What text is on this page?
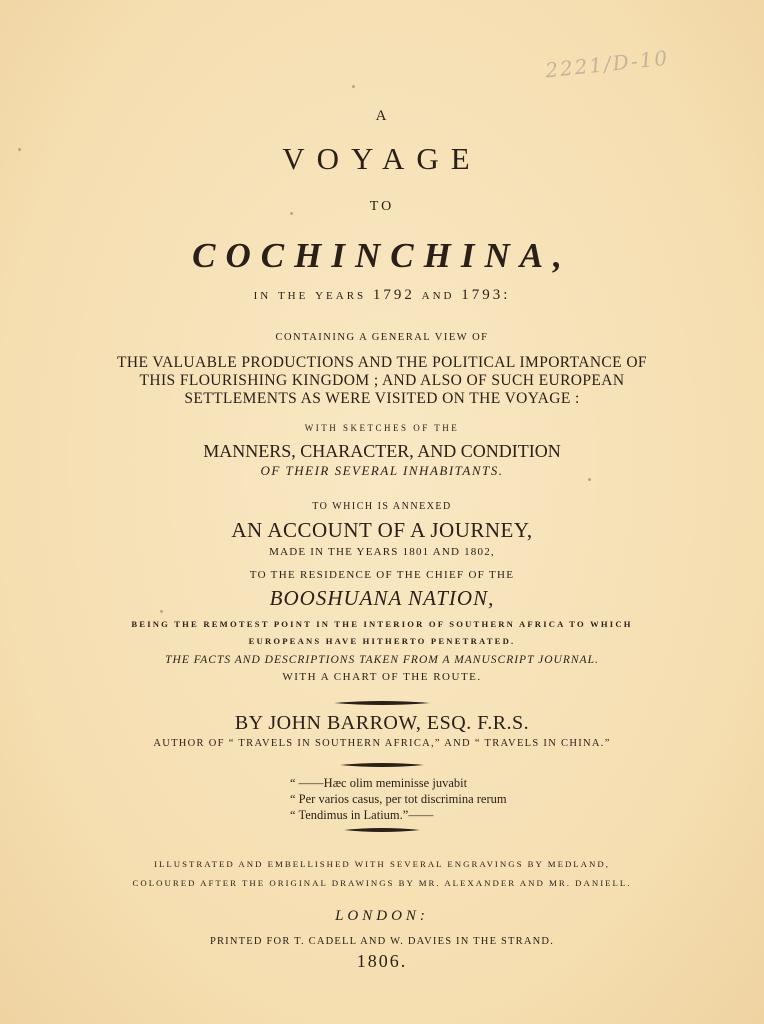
2221/D-10
A
VOYAGE
TO
COCHINCHINA,
in the years 1792 and 1793:
CONTAINING A GENERAL VIEW OF
THE VALUABLE PRODUCTIONS AND THE POLITICAL IMPORTANCE OF
THIS FLOURISHING KINGDOM ; AND ALSO OF SUCH EUROPEAN
SETTLEMENTS AS WERE VISITED ON THE VOYAGE :
WITH SKETCHES OF THE
MANNERS, CHARACTER, AND CONDITION
OF THEIR SEVERAL INHABITANTS.
TO WHICH IS ANNEXED
AN ACCOUNT OF A JOURNEY,
MADE IN THE YEARS 1801 AND 1802,
TO THE RESIDENCE OF THE CHIEF OF THE
BOOSHUANA NATION,
BEING THE REMOTEST POINT IN THE INTERIOR OF SOUTHERN AFRICA TO WHICH
EUROPEANS HAVE HITHERTO PENETRATED.
THE FACTS AND DESCRIPTIONS TAKEN FROM A MANUSCRIPT JOURNAL.
WITH A CHART OF THE ROUTE.
BY JOHN BARROW, ESQ. F.R.S.
AUTHOR OF “ TRAVELS IN SOUTHERN AFRICA,” AND “ TRAVELS IN CHINA.”
“ ——Hæc olim meminisse juvabit
“ Per varios casus, per tot discrimina rerum
“ Tendimus in Latium.”——
ILLUSTRATED AND EMBELLISHED WITH SEVERAL ENGRAVINGS BY MEDLAND,
COLOURED AFTER THE ORIGINAL DRAWINGS BY MR. ALEXANDER AND MR. DANIELL.
LONDON:
PRINTED FOR T. CADELL AND W. DAVIES IN THE STRAND.
1806.
